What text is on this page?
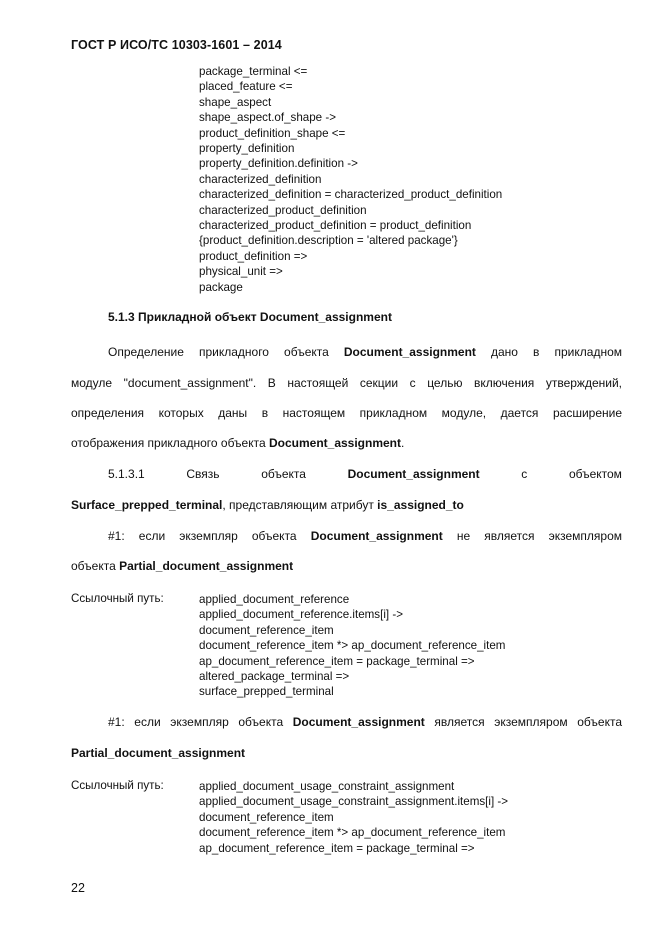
ГОСТ Р ИСО/ТС 10303-1601 – 2014
package_terminal <=
placed_feature <=
shape_aspect
shape_aspect.of_shape ->
product_definition_shape <=
property_definition
property_definition.definition ->
characterized_definition
characterized_definition = characterized_product_definition
characterized_product_definition
characterized_product_definition = product_definition
{product_definition.description = 'altered package'}
product_definition =>
physical_unit =>
package
5.1.3 Прикладной объект Document_assignment
Определение прикладного объекта Document_assignment дано в прикладном
модуле "document_assignment". В настоящей секции с целью включения утверждений,
определения которых даны в настоящем прикладном модуле, дается расширение
отображения прикладного объекта Document_assignment.
5.1.3.1	Связь	объекта	Document_assignment	с	объектом
Surface_prepped_terminal, представляющим атрибут is_assigned_to
#1: если экземпляр объекта Document_assignment не является экземпляром
объекта Partial_document_assignment
Ссылочный путь:	applied_document_reference
applied_document_reference.items[i] ->
document_reference_item
document_reference_item *> ap_document_reference_item
ap_document_reference_item = package_terminal =>
altered_package_terminal =>
surface_prepped_terminal
#1: если экземпляр объекта Document_assignment является экземпляром объекта
Partial_document_assignment
Ссылочный путь:	applied_document_usage_constraint_assignment
applied_document_usage_constraint_assignment.items[i] ->
document_reference_item
document_reference_item *> ap_document_reference_item
ap_document_reference_item = package_terminal =>
22
